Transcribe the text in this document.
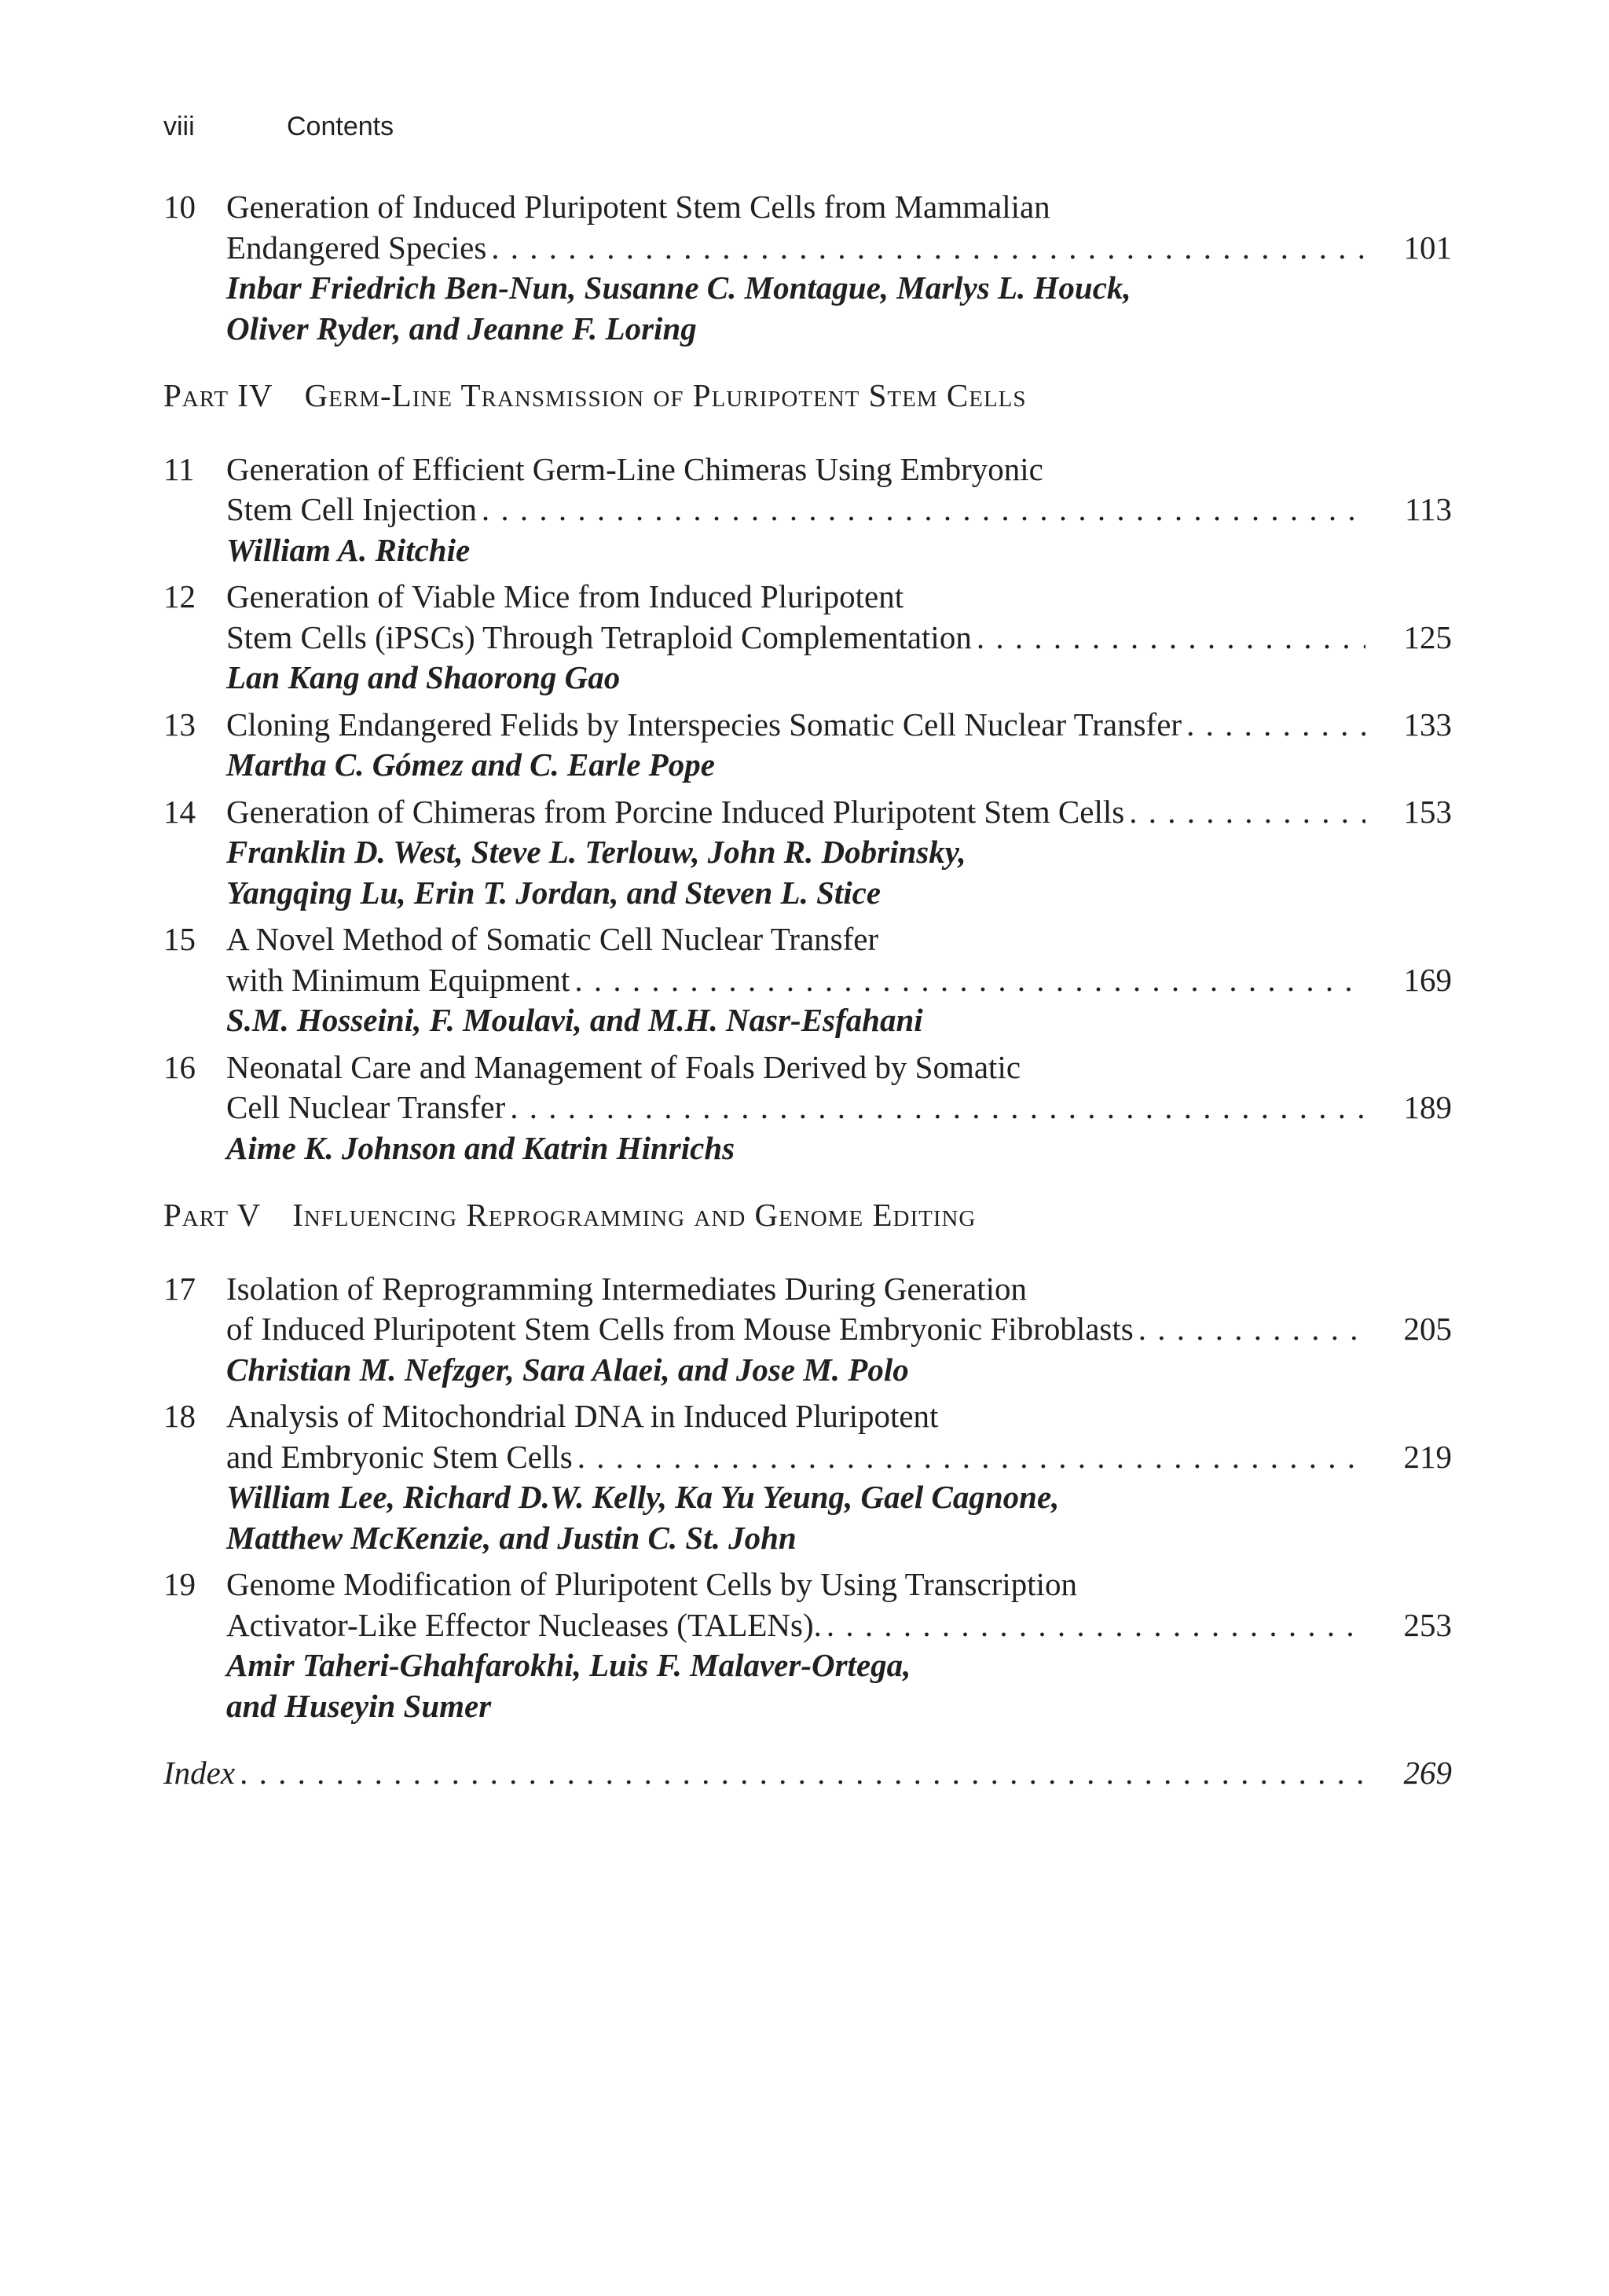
viii	Contents
10 Generation of Induced Pluripotent Stem Cells from Mammalian
Endangered Species . . .	101
Inbar Friedrich Ben-Nun, Susanne C. Montague, Marlys L. Houck,
Oliver Ryder, and Jeanne F. Loring
Part IV Germ-Line Transmission of Pluripotent Stem Cells
11 Generation of Efficient Germ-Line Chimeras Using Embryonic
Stem Cell Injection . . .	113
William A. Ritchie
12 Generation of Viable Mice from Induced Pluripotent
Stem Cells (iPSCs) Through Tetraploid Complementation . . .	125
Lan Kang and Shaorong Gao
13 Cloning Endangered Felids by Interspecies Somatic Cell Nuclear Transfer . . .	133
Martha C. Gómez and C. Earle Pope
14 Generation of Chimeras from Porcine Induced Pluripotent Stem Cells . . .	153
Franklin D. West, Steve L. Terlouw, John R. Dobrinsky,
Yangqing Lu, Erin T. Jordan, and Steven L. Stice
15 A Novel Method of Somatic Cell Nuclear Transfer
with Minimum Equipment . . .	169
S.M. Hosseini, F. Moulavi, and M.H. Nasr-Esfahani
16 Neonatal Care and Management of Foals Derived by Somatic
Cell Nuclear Transfer . . .	189
Aime K. Johnson and Katrin Hinrichs
Part V Influencing Reprogramming and Genome Editing
17 Isolation of Reprogramming Intermediates During Generation
of Induced Pluripotent Stem Cells from Mouse Embryonic Fibroblasts . . .	205
Christian M. Nefzger, Sara Alaei, and Jose M. Polo
18 Analysis of Mitochondrial DNA in Induced Pluripotent
and Embryonic Stem Cells . . .	219
William Lee, Richard D.W. Kelly, Ka Yu Yeung, Gael Cagnone,
Matthew McKenzie, and Justin C. St. John
19 Genome Modification of Pluripotent Cells by Using Transcription
Activator-Like Effector Nucleases (TALENs). . . .	253
Amir Taheri-Ghahfarokhi, Luis F. Malaver-Ortega,
and Huseyin Sumer
Index . . .	269
